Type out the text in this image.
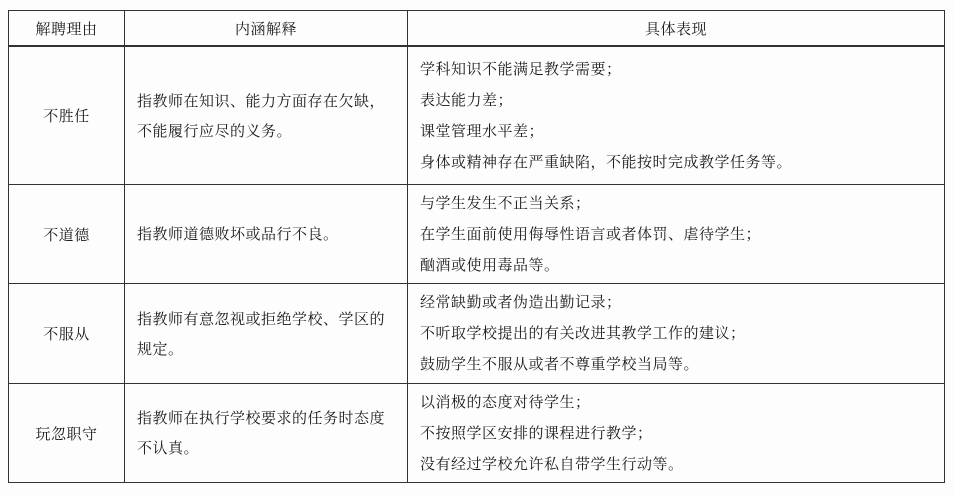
解聘理由	内涵解释	具体表现
不胜任	指教师在知识、能力方面存在欠缺，不能履行应尽的义务。	学科知识不能满足教学需要；
表达能力差；
课堂管理水平差；
身体或精神存在严重缺陷，不能按时完成教学任务等。

不道德	指教师道德败坏或品行不良。	与学生发生不正当关系；
在学生面前使用侮辱性语言或者体罚、虐待学生；
酗酒或使用毒品等。

不服从	指教师有意忽视或拒绝学校、学区的规定。	经常缺勤或者伪造出勤记录；
不听取学校提出的有关改进其教学工作的建议；
鼓励学生不服从或者不尊重学校当局等。

玩忽职守	指教师在执行学校要求的任务时态度不认真。	以消极的态度对待学生；
不按照学区安排的课程进行教学；
没有经过学校允许私自带学生行动等。
